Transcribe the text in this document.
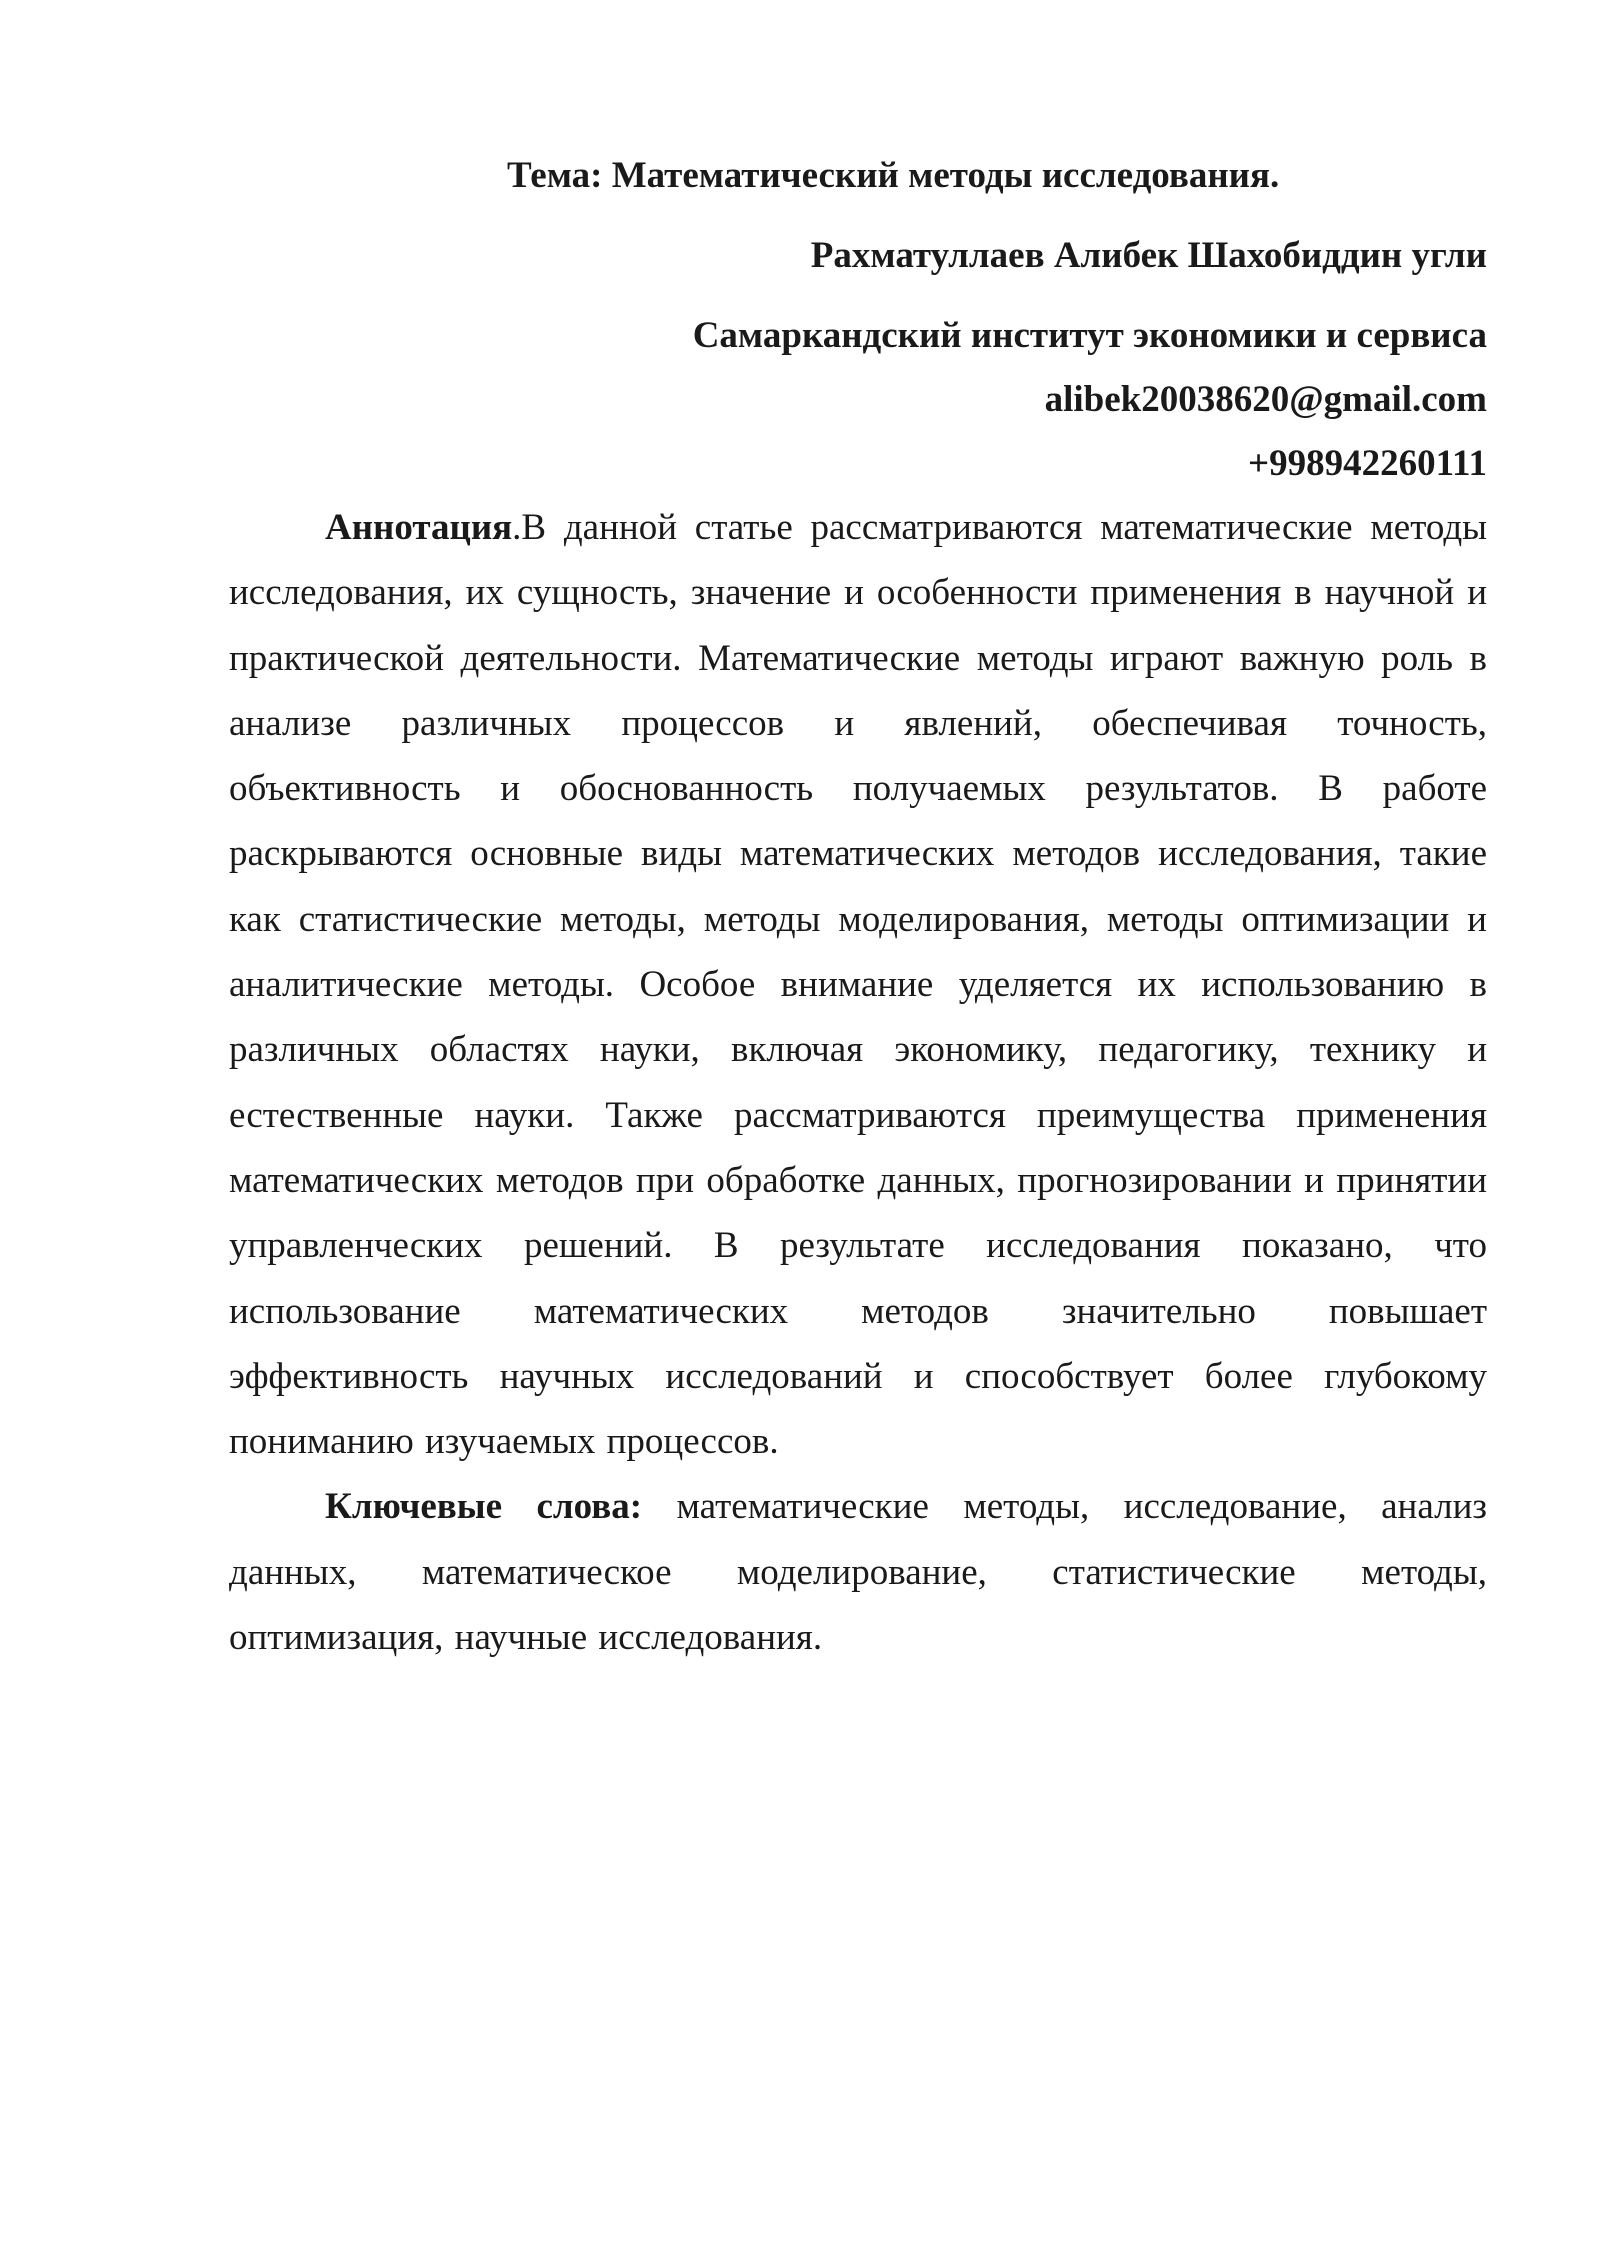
Тема: Математический методы исследования.

Рахматуллаев Алибек Шахобиддин угли

Самаркандский институт экономики и сервиса

alibek20038620@gmail.com

+998942260111

Аннотация.В данной статье рассматриваются математические методы исследования, их сущность, значение и особенности применения в научной и практической деятельности. Математические методы играют важную роль в анализе различных процессов и явлений, обеспечивая точность, объективность и обоснованность получаемых результатов. В работе раскрываются основные виды математических методов исследования, такие как статистические методы, методы моделирования, методы оптимизации и аналитические методы. Особое внимание уделяется их использованию в различных областях науки, включая экономику, педагогику, технику и естественные науки. Также рассматриваются преимущества применения математических методов при обработке данных, прогнозировании и принятии управленческих решений. В результате исследования показано, что использование математических методов значительно повышает эффективность научных исследований и способствует более глубокому пониманию изучаемых процессов.

Ключевые слова: математические методы, исследование, анализ данных, математическое моделирование, статистические методы, оптимизация, научные исследования.
